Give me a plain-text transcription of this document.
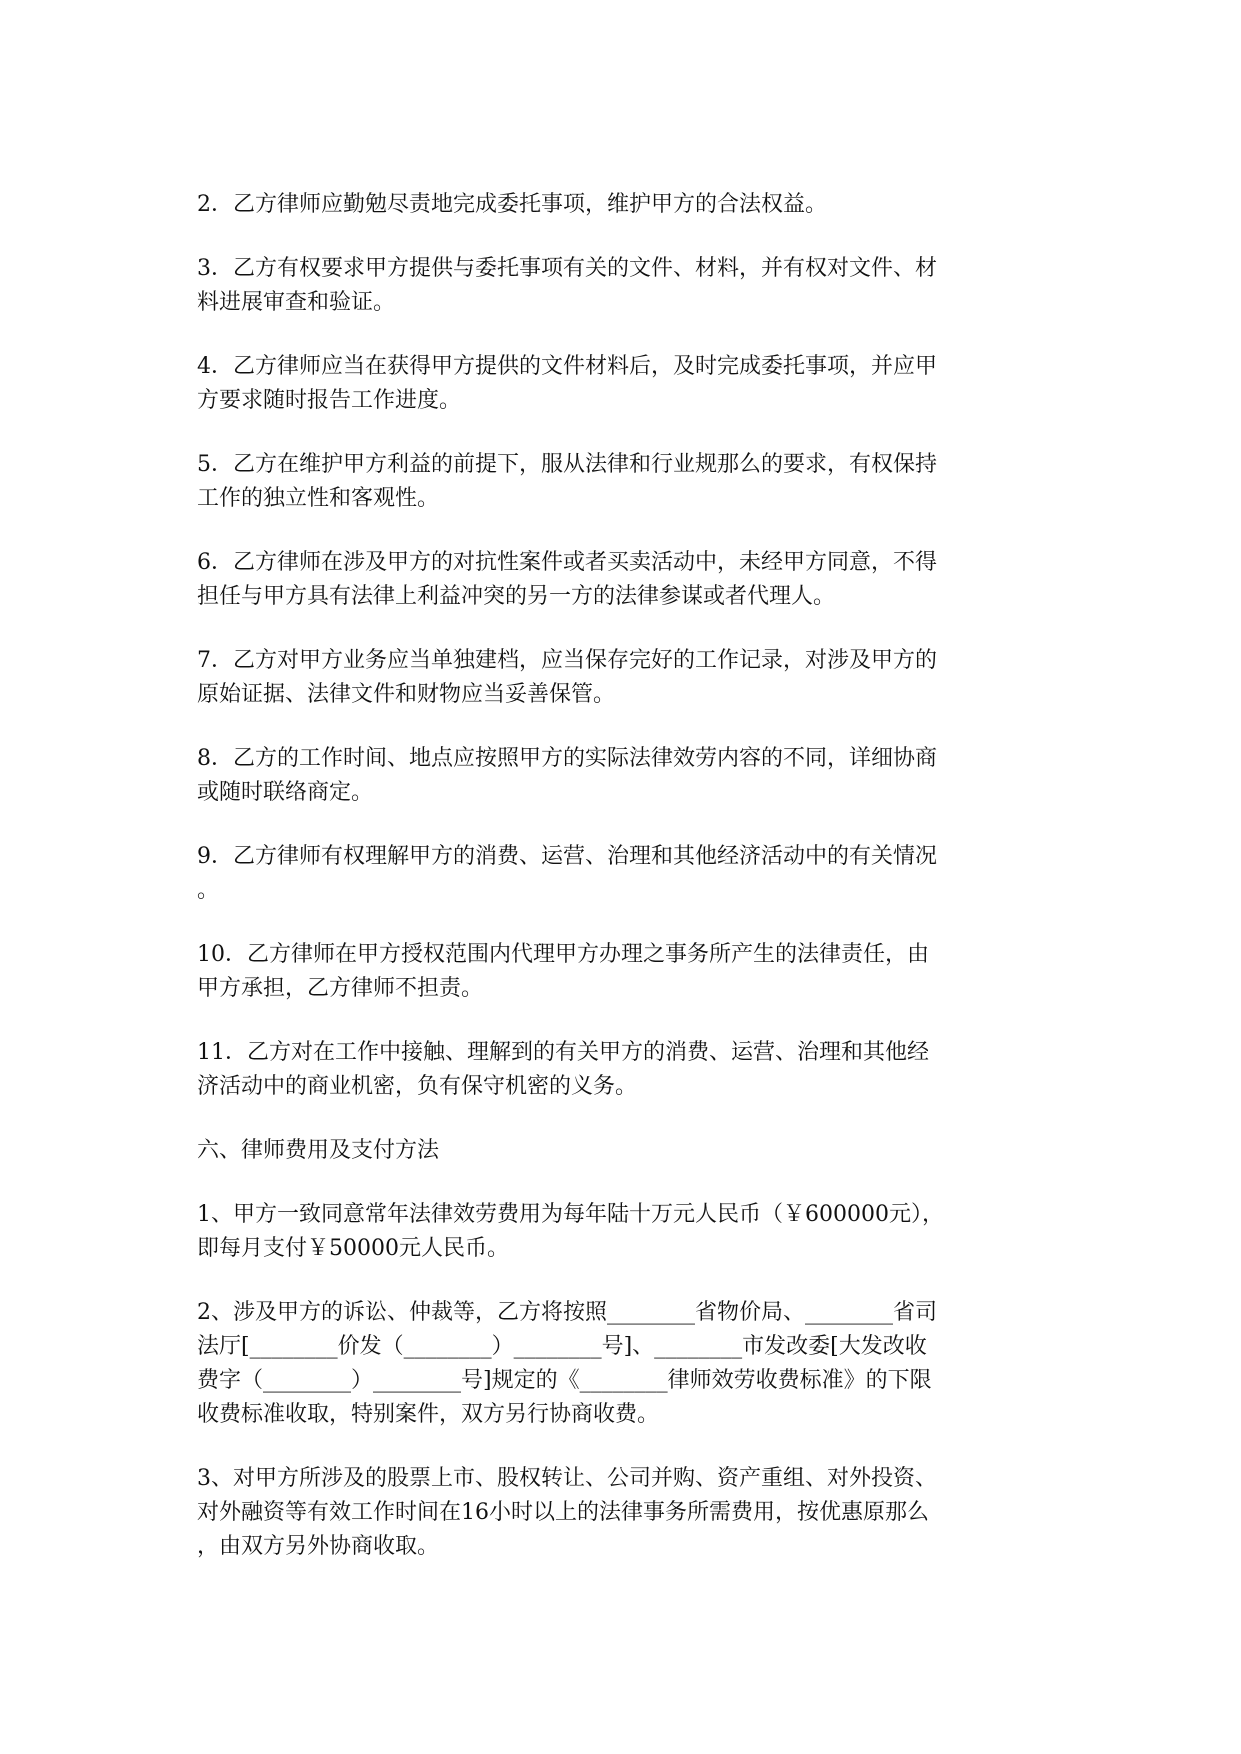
2．乙方律师应勤勉尽责地完成委托事项，维护甲方的合法权益。
3．乙方有权要求甲方提供与委托事项有关的文件、材料，并有权对文件、材
料进展审查和验证。
4．乙方律师应当在获得甲方提供的文件材料后，及时完成委托事项，并应甲
方要求随时报告工作进度。
5．乙方在维护甲方利益的前提下，服从法律和行业规那么的要求，有权保持
工作的独立性和客观性。
6．乙方律师在涉及甲方的对抗性案件或者买卖活动中，未经甲方同意，不得
担任与甲方具有法律上利益冲突的另一方的法律参谋或者代理人。
7．乙方对甲方业务应当单独建档，应当保存完好的工作记录，对涉及甲方的
原始证据、法律文件和财物应当妥善保管。
8．乙方的工作时间、地点应按照甲方的实际法律效劳内容的不同，详细协商
或随时联络商定。
9．乙方律师有权理解甲方的消费、运营、治理和其他经济活动中的有关情况
。
10．乙方律师在甲方授权范围内代理甲方办理之事务所产生的法律责任，由
甲方承担，乙方律师不担责。
11．乙方对在工作中接触、理解到的有关甲方的消费、运营、治理和其他经
济活动中的商业机密，负有保守机密的义务。
六、律师费用及支付方法
1、甲方一致同意常年法律效劳费用为每年陆十万元人民币（￥600000元），
即每月支付￥50000元人民币。
2、涉及甲方的诉讼、仲裁等，乙方将按照________省物价局、________省司
法厅[________价发（________）________号]、________市发改委[大发改收
费字（________）________号]规定的《________律师效劳收费标准》的下限
收费标准收取，特别案件，双方另行协商收费。
3、对甲方所涉及的股票上市、股权转让、公司并购、资产重组、对外投资、
对外融资等有效工作时间在16小时以上的法律事务所需费用，按优惠原那么
，由双方另外协商收取。
